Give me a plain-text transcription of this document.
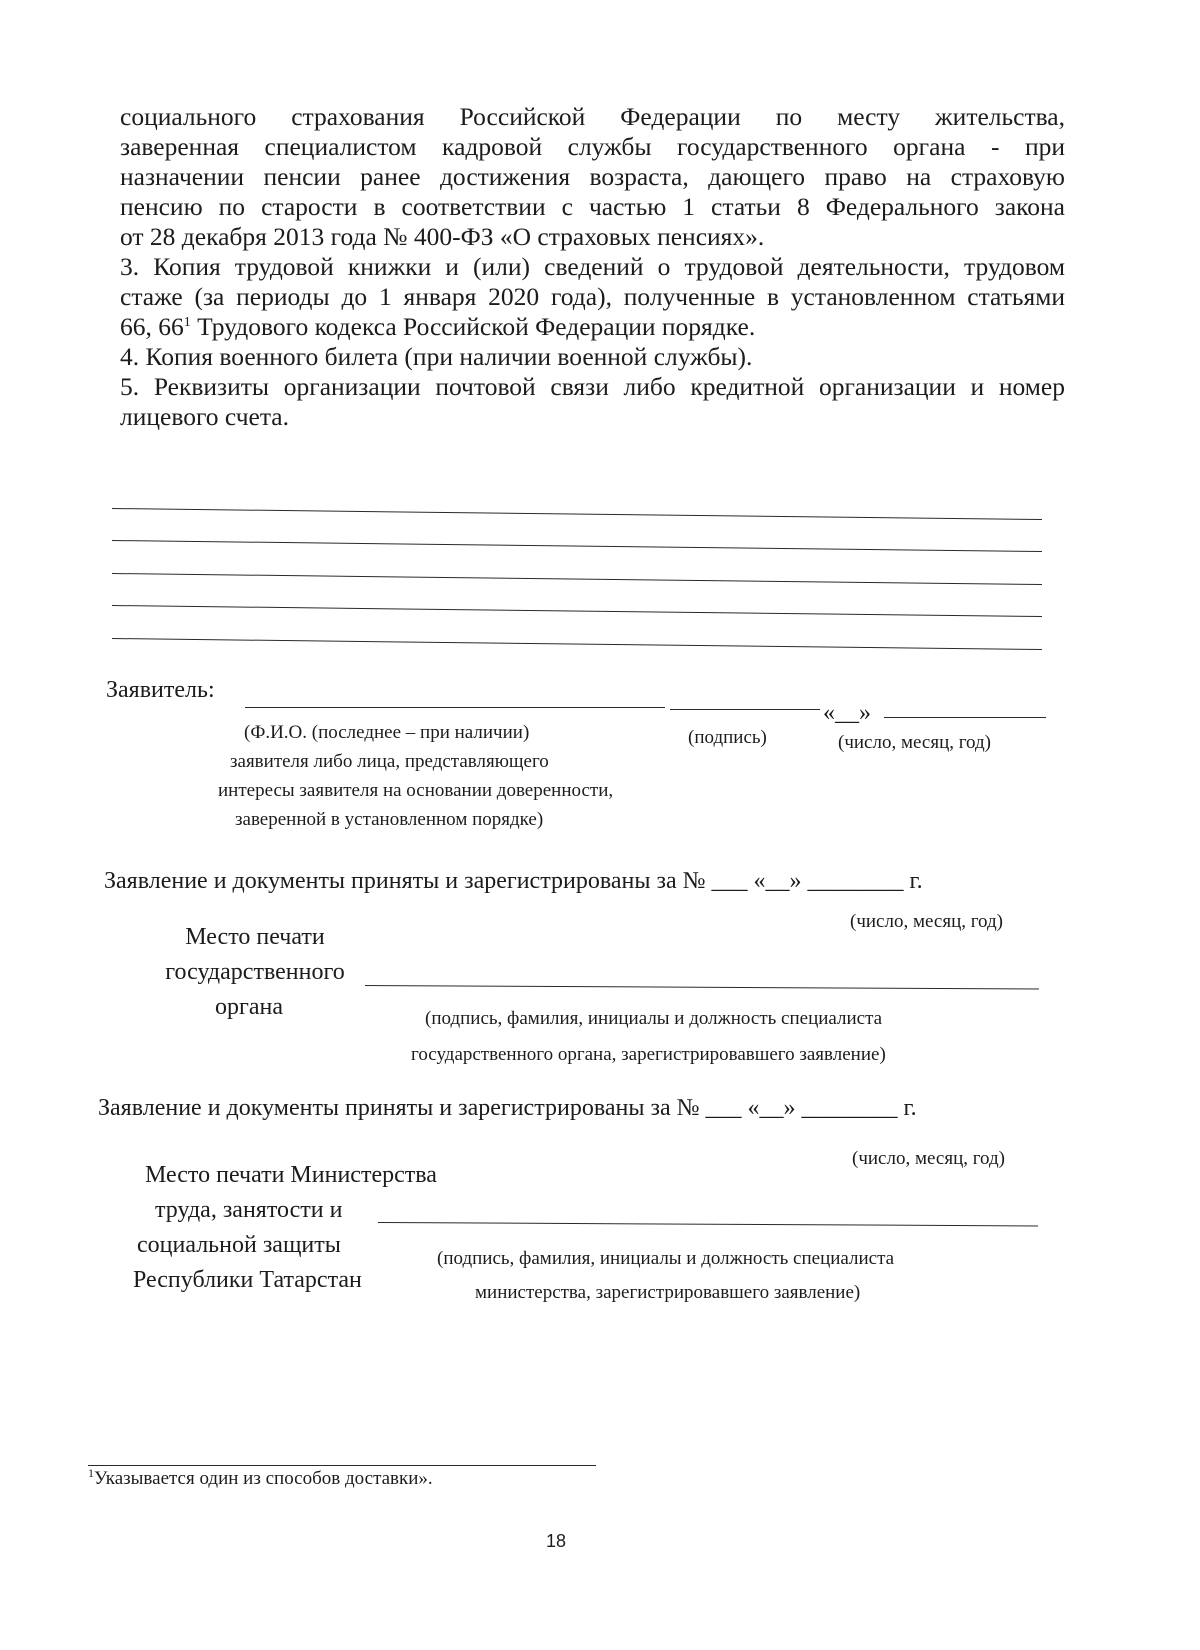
социального страхования Российской Федерации по месту жительства,

заверенная специалистом кадровой службы государственного органа - при

назначении пенсии ранее достижения возраста, дающего право на страховую

пенсию по старости в соответствии с частью 1 статьи 8 Федерального закона

от 28 декабря 2013 года № 400-ФЗ «О страховых пенсиях».

3. Копия трудовой книжки и (или) сведений о трудовой деятельности, трудовом

стаже (за периоды до 1 января 2020 года), полученные в установленном статьями

66, $66^1$ Трудового кодекса Российской Федерации порядке.

4. Копия военного билета (при наличии военной службы).

5. Реквизиты организации почтовой связи либо кредитной организации и номер

лицевого счета.

Заявитель:
«__»
(Ф.И.О. (последнее – при наличии)
заявителя либо лица, представляющего
интересы заявителя на основании доверенности,
заверенной в установленном порядке)
(подпись)	(число, месяц, год)
Заявление и документы приняты и зарегистрированы за № ___ «__» ________ г.
(число, месяц, год)
Место печати
государственного
органа	(подпись, фамилия, инициалы и должность специалиста
государственного органа, зарегистрировавшего заявление)
Заявление и документы приняты и зарегистрированы за № ___ «__» ________ г.
(число, месяц, год)
Место печати Министерства
труда, занятости и
социальной защиты
Республики Татарстан
(подпись, фамилия, инициалы и должность специалиста
министерства, зарегистрировавшего заявление)
$^1$Указывается один из способов доставки».
18
